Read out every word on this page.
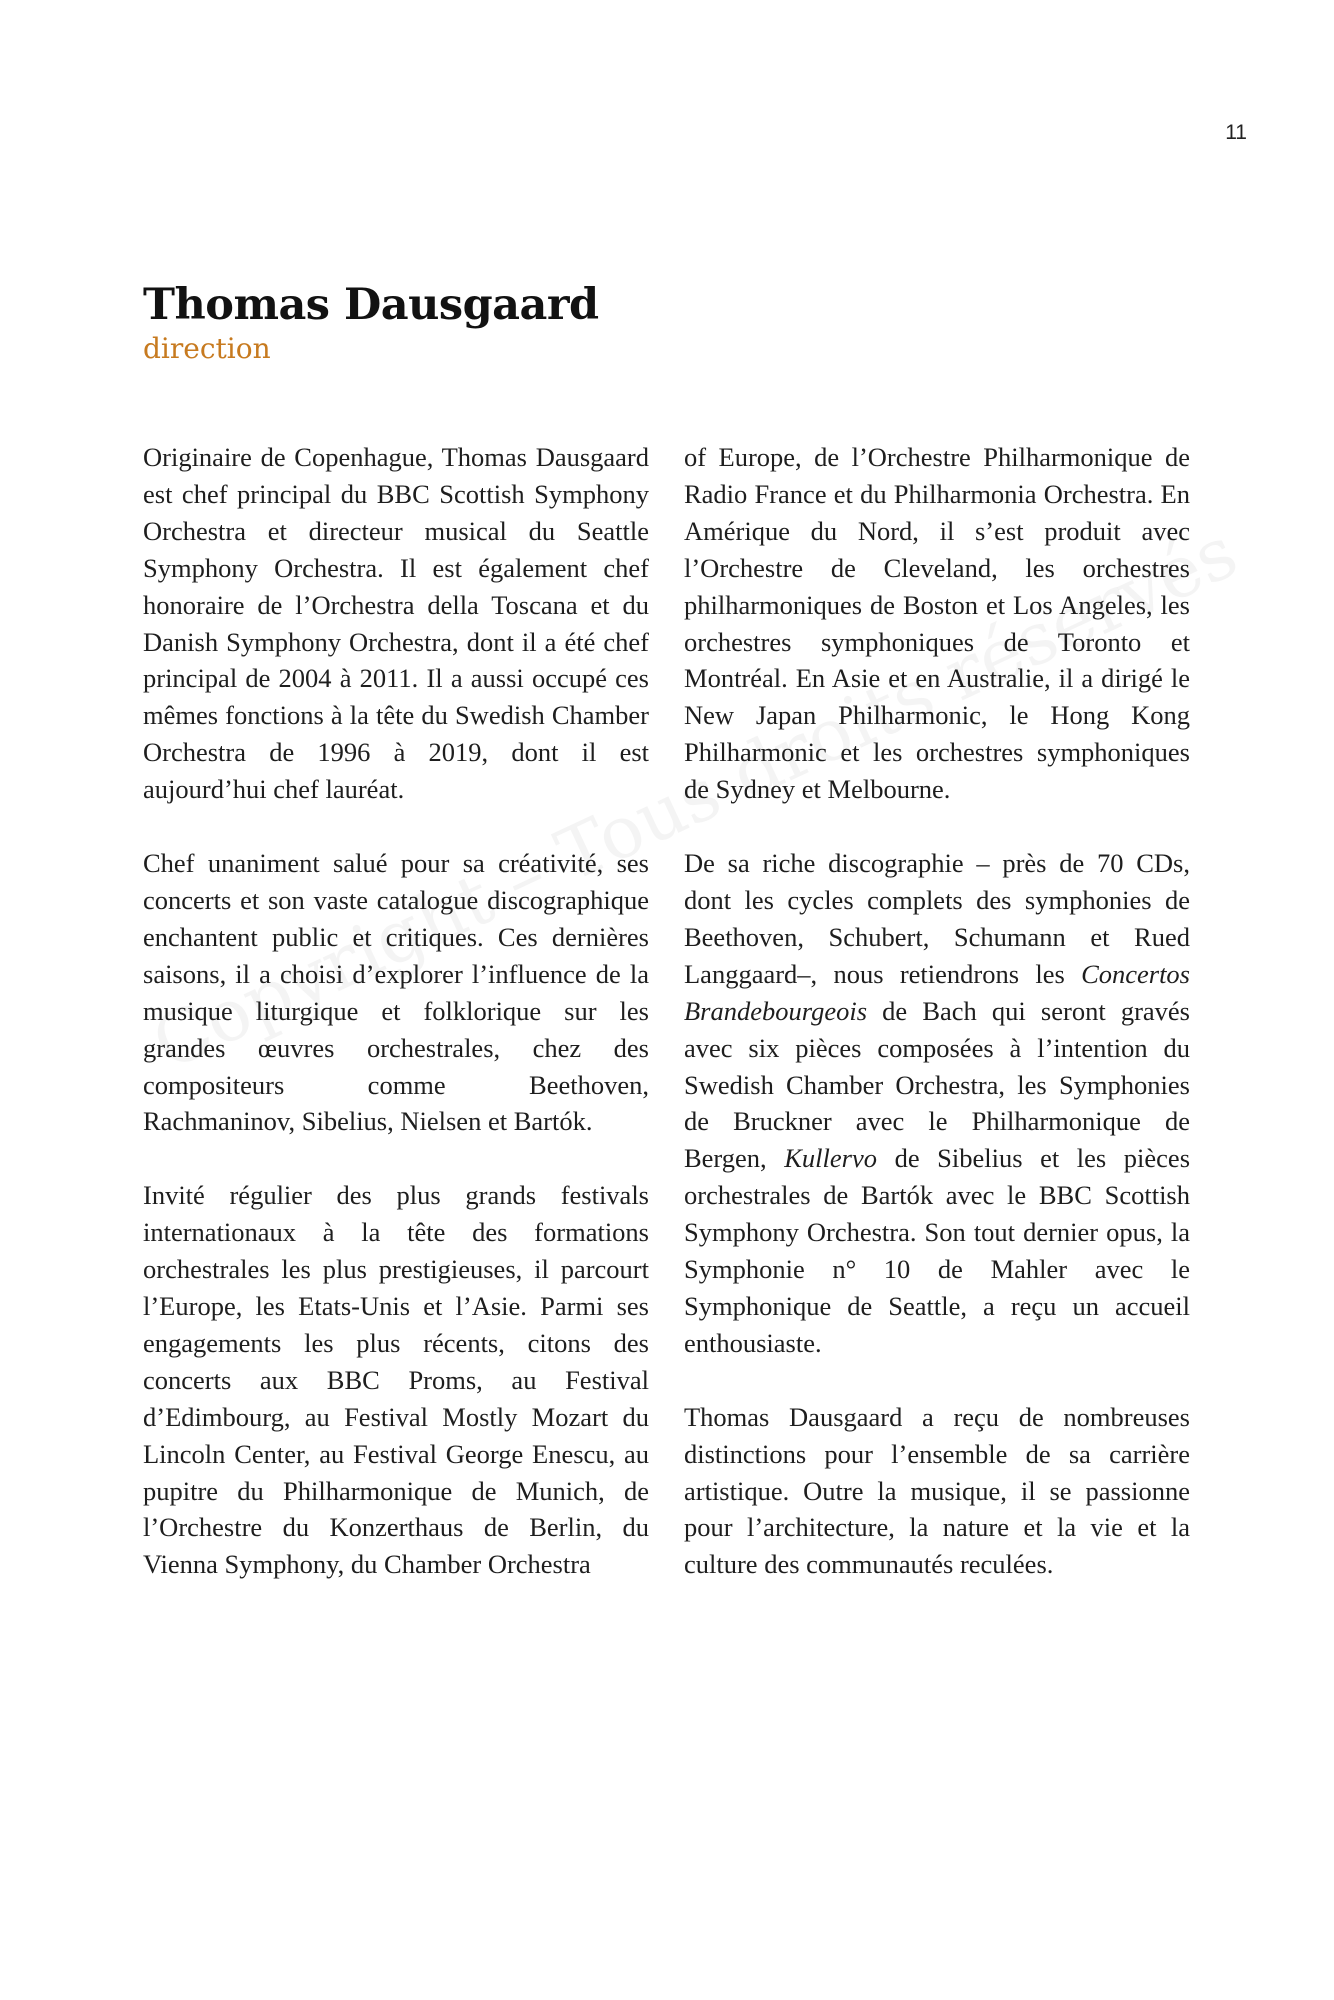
11
Thomas Dausgaard
direction

Originaire de Copenhague, Thomas Dausgaard est chef principal du BBC Scottish Symphony Orchestra et directeur musical du Seattle Symphony Orchestra. Il est également chef honoraire de l’Orchestra della Toscana et du Danish Symphony Orchestra, dont il a été chef principal de 2004 à 2011. Il a aussi occupé ces mêmes fonctions à la tête du Swedish Chamber Orchestra de 1996 à 2019, dont il est aujourd’hui chef lauréat.

Chef unaniment salué pour sa créativité, ses concerts et son vaste catalogue discographique enchantent public et critiques. Ces dernières saisons, il a choisi d’explorer l’influence de la musique liturgique et folklorique sur les grandes œuvres orchestrales, chez des compositeurs comme Beethoven, Rachmaninov, Sibelius, Nielsen et Bartók.

Invité régulier des plus grands festivals internationaux à la tête des formations orchestrales les plus prestigieuses, il parcourt l’Europe, les Etats-Unis et l’Asie. Parmi ses engagements les plus récents, citons des concerts aux BBC Proms, au Festival d’Edimbourg, au Festival Mostly Mozart du Lincoln Center, au Festival George Enescu, au pupitre du Philharmonique de Munich, de l’Orchestre du Konzerthaus de Berlin, du Vienna Symphony, du Chamber Orchestra

of Europe, de l’Orchestre Philharmonique de Radio France et du Philharmonia Orchestra. En Amérique du Nord, il s’est produit avec l’Orchestre de Cleveland, les orchestres philharmoniques de Boston et Los Angeles, les orchestres symphoniques de Toronto et Montréal. En Asie et en Australie, il a dirigé le New Japan Philharmonic, le Hong Kong Philharmonic et les orchestres symphoniques de Sydney et Melbourne.

De sa riche discographie – près de 70 CDs, dont les cycles complets des symphonies de Beethoven, Schubert, Schumann et Rued Langgaard–, nous retiendrons les Concertos Brandebourgeois de Bach qui seront gravés avec six pièces composées à l’intention du Swedish Chamber Orchestra, les Symphonies de Bruckner avec le Philharmonique de Bergen, Kullervo de Sibelius et les pièces orchestrales de Bartók avec le BBC Scottish Symphony Orchestra. Son tout dernier opus, la Symphonie n° 10 de Mahler avec le Symphonique de Seattle, a reçu un accueil enthousiaste.

Thomas Dausgaard a reçu de nombreuses distinctions pour l’ensemble de sa carrière artistique. Outre la musique, il se passionne pour l’architecture, la nature et la vie et la culture des communautés reculées.
